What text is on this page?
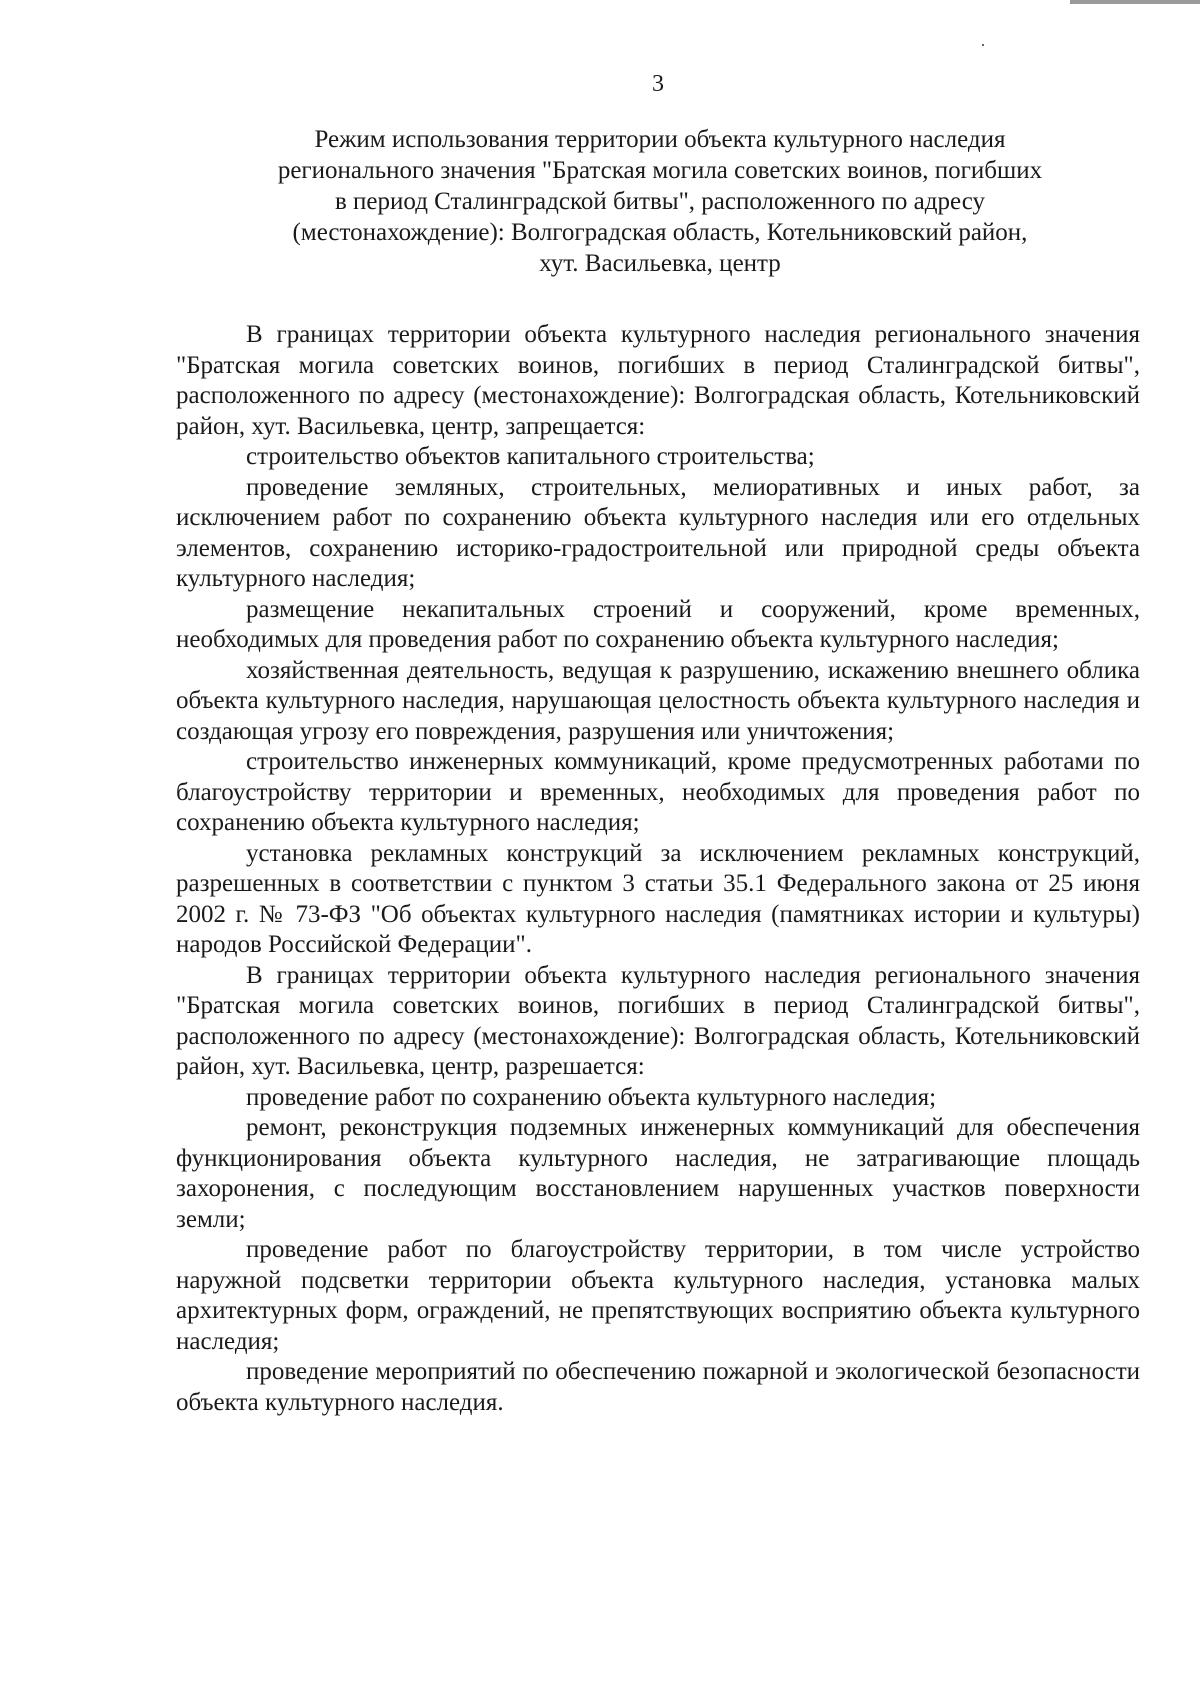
3
Режим использования территории объекта культурного наследия
регионального значения "Братская могила советских воинов, погибших
в период Сталинградской битвы", расположенного по адресу
(местонахождение): Волгоградская область, Котельниковский район,
хут. Васильевка, центр

В границах территории объекта культурного наследия регионального значения "Братская могила советских воинов, погибших в период Сталинградской битвы", расположенного по адресу (местонахождение): Волгоградская область, Котельниковский район, хут. Васильевка, центр, запрещается:

строительство объектов капитального строительства;

проведение земляных, строительных, мелиоративных и иных работ, за исключением работ по сохранению объекта культурного наследия или его отдельных элементов, сохранению историко-градостроительной или природной среды объекта культурного наследия;

размещение некапитальных строений и сооружений, кроме временных, необходимых для проведения работ по сохранению объекта культурного наследия;

хозяйственная деятельность, ведущая к разрушению, искажению внешнего облика объекта культурного наследия, нарушающая целостность объекта культурного наследия и создающая угрозу его повреждения, разрушения или уничтожения;

строительство инженерных коммуникаций, кроме предусмотренных работами по благоустройству территории и временных, необходимых для проведения работ по сохранению объекта культурного наследия;

установка рекламных конструкций за исключением рекламных конструкций, разрешенных в соответствии с пунктом 3 статьи 35.1 Федерального закона от 25 июня 2002 г. № 73-ФЗ "Об объектах культурного наследия (памятниках истории и культуры) народов Российской Федерации".

В границах территории объекта культурного наследия регионального значения "Братская могила советских воинов, погибших в период Сталинградской битвы", расположенного по адресу (местонахождение): Волгоградская область, Котельниковский район, хут. Васильевка, центр, разрешается:

проведение работ по сохранению объекта культурного наследия;

ремонт, реконструкция подземных инженерных коммуникаций для обеспечения функционирования объекта культурного наследия, не затрагивающие площадь захоронения, с последующим восстановлением нарушенных участков поверхности земли;

проведение работ по благоустройству территории, в том числе устройство наружной подсветки территории объекта культурного наследия, установка малых архитектурных форм, ограждений, не препятствующих восприятию объекта культурного наследия;

проведение мероприятий по обеспечению пожарной и экологической безопасности объекта культурного наследия.
